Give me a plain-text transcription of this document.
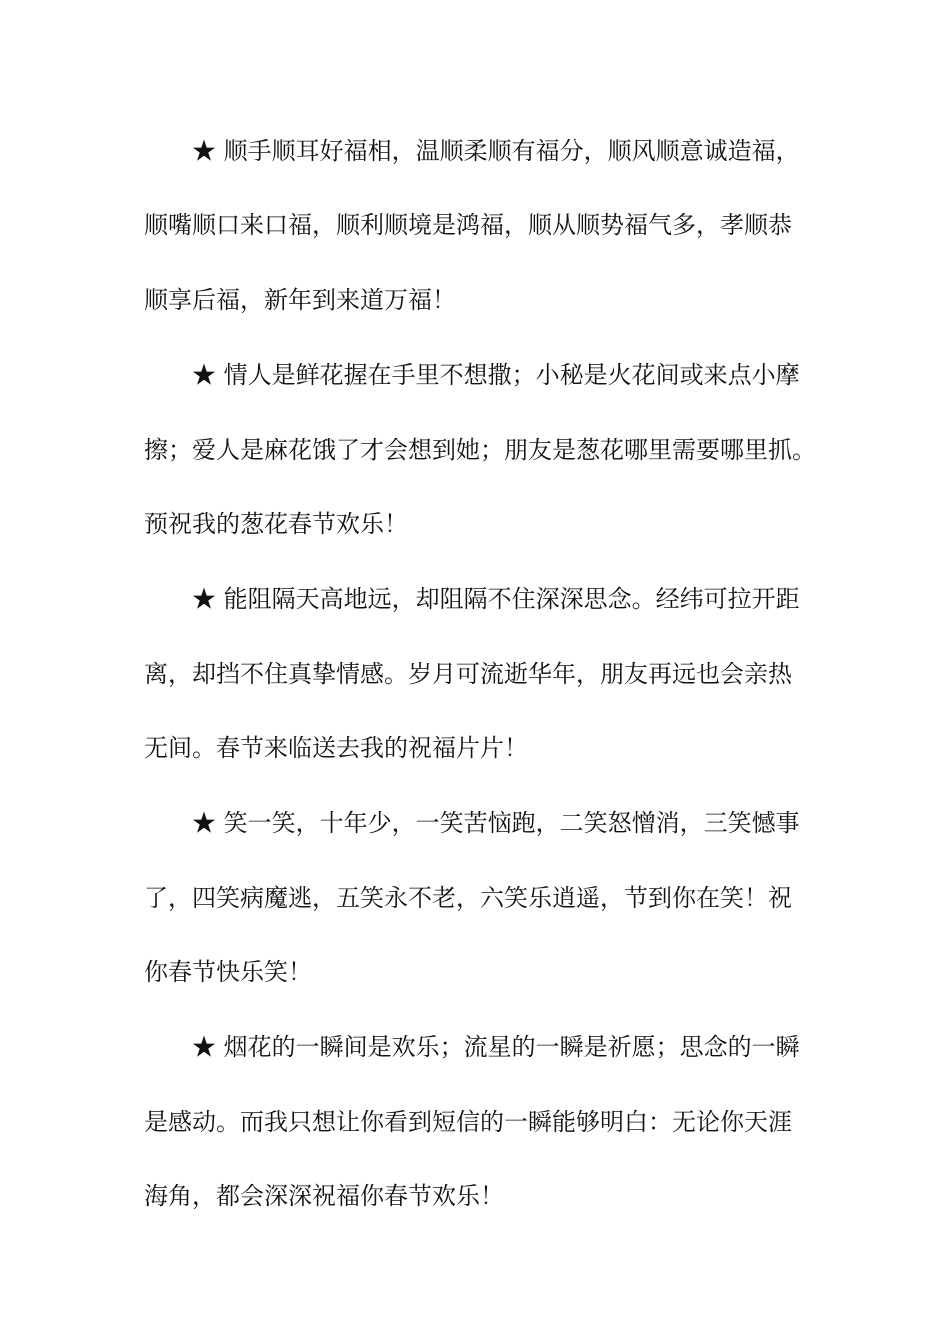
★ 顺手顺耳好福相，温顺柔顺有福分，顺风顺意诚造福，
顺嘴顺口来口福，顺利顺境是鸿福，顺从顺势福气多，孝顺恭
顺享后福，新年到来道万福！
★ 情人是鲜花握在手里不想撒；小秘是火花间或来点小摩
擦；爱人是麻花饿了才会想到她；朋友是葱花哪里需要哪里抓。
预祝我的葱花春节欢乐！
★ 能阻隔天高地远，却阻隔不住深深思念。经纬可拉开距
离，却挡不住真挚情感。岁月可流逝华年，朋友再远也会亲热
无间。春节来临送去我的祝福片片！
★ 笑一笑，十年少，一笑苦恼跑，二笑怒憎消，三笑憾事
了，四笑病魔逃，五笑永不老，六笑乐逍遥，节到你在笑！祝
你春节快乐笑！
★ 烟花的一瞬间是欢乐；流星的一瞬是祈愿；思念的一瞬
是感动。而我只想让你看到短信的一瞬能够明白：无论你天涯
海角，都会深深祝福你春节欢乐！
